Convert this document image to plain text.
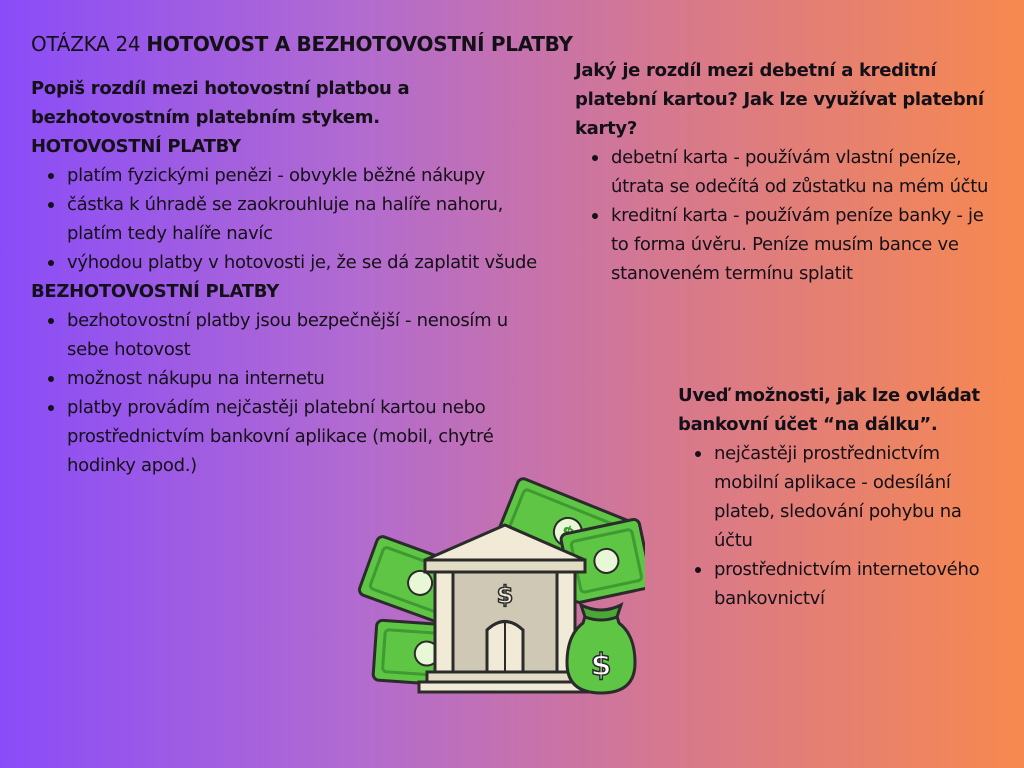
OTÁZKA 24 HOTOVOST A BEZHOTOVOSTNÍ PLATBY
Popiš rozdíl mezi hotovostní platbou a bezhotovostním platebním stykem.
HOTOVOSTNÍ PLATBY
platím fyzickými penězi - obvykle běžné nákupy
částka k úhradě se zaokrouhluje na halíře nahoru, platím tedy halíře navíc
výhodou platby v hotovosti je, že se dá zaplatit všude
BEZHOTOVOSTNÍ PLATBY
bezhotovostní platby jsou bezpečnější - nenosím u sebe hotovost
možnost nákupu na internetu
platby provádím nejčastěji platební kartou nebo prostřednictvím bankovní aplikace (mobil, chytré hodinky apod.)
Jaký je rozdíl mezi debetní a kreditní platební kartou? Jak lze využívat platební karty?
debetní karta - používám vlastní peníze, útrata se odečítá od zůstatku na mém účtu
kreditní karta - používám peníze banky - je to forma úvěru. Peníze musím bance ve stanoveném termínu splatit
Uveď možnosti, jak lze ovládat bankovní účet “na dálku”.
nejčastěji prostřednictvím mobilní aplikace - odesílání plateb, sledování pohybu na účtu
prostřednictvím internetového bankovnictví
$
$
